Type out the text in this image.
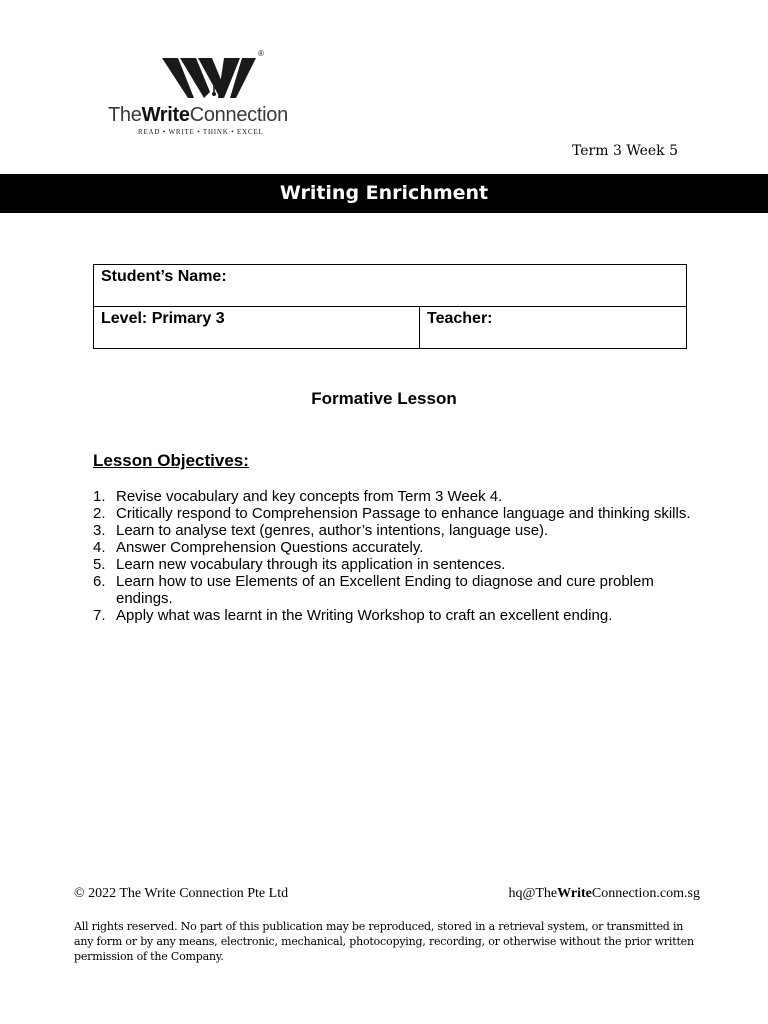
®
TheWriteConnection
READ • WRITE • THINK • EXCEL
Term 3 Week 5
Writing Enrichment
Student’s Name:
Level: Primary 3	Teacher:
Formative Lesson
Lesson Objectives:
1. Revise vocabulary and key concepts from Term 3 Week 4.
2. Critically respond to Comprehension Passage to enhance language and thinking skills.
3. Learn to analyse text (genres, author’s intentions, language use).
4. Answer Comprehension Questions accurately.
5. Learn new vocabulary through its application in sentences.
6. Learn how to use Elements of an Excellent Ending to diagnose and cure problem endings.
7. Apply what was learnt in the Writing Workshop to craft an excellent ending.
© 2022 The Write Connection Pte Ltd	hq@TheWriteConnection.com.sg
All rights reserved. No part of this publication may be reproduced, stored in a retrieval system, or transmitted in any form or by any means, electronic, mechanical, photocopying, recording, or otherwise without the prior written permission of the Company.
